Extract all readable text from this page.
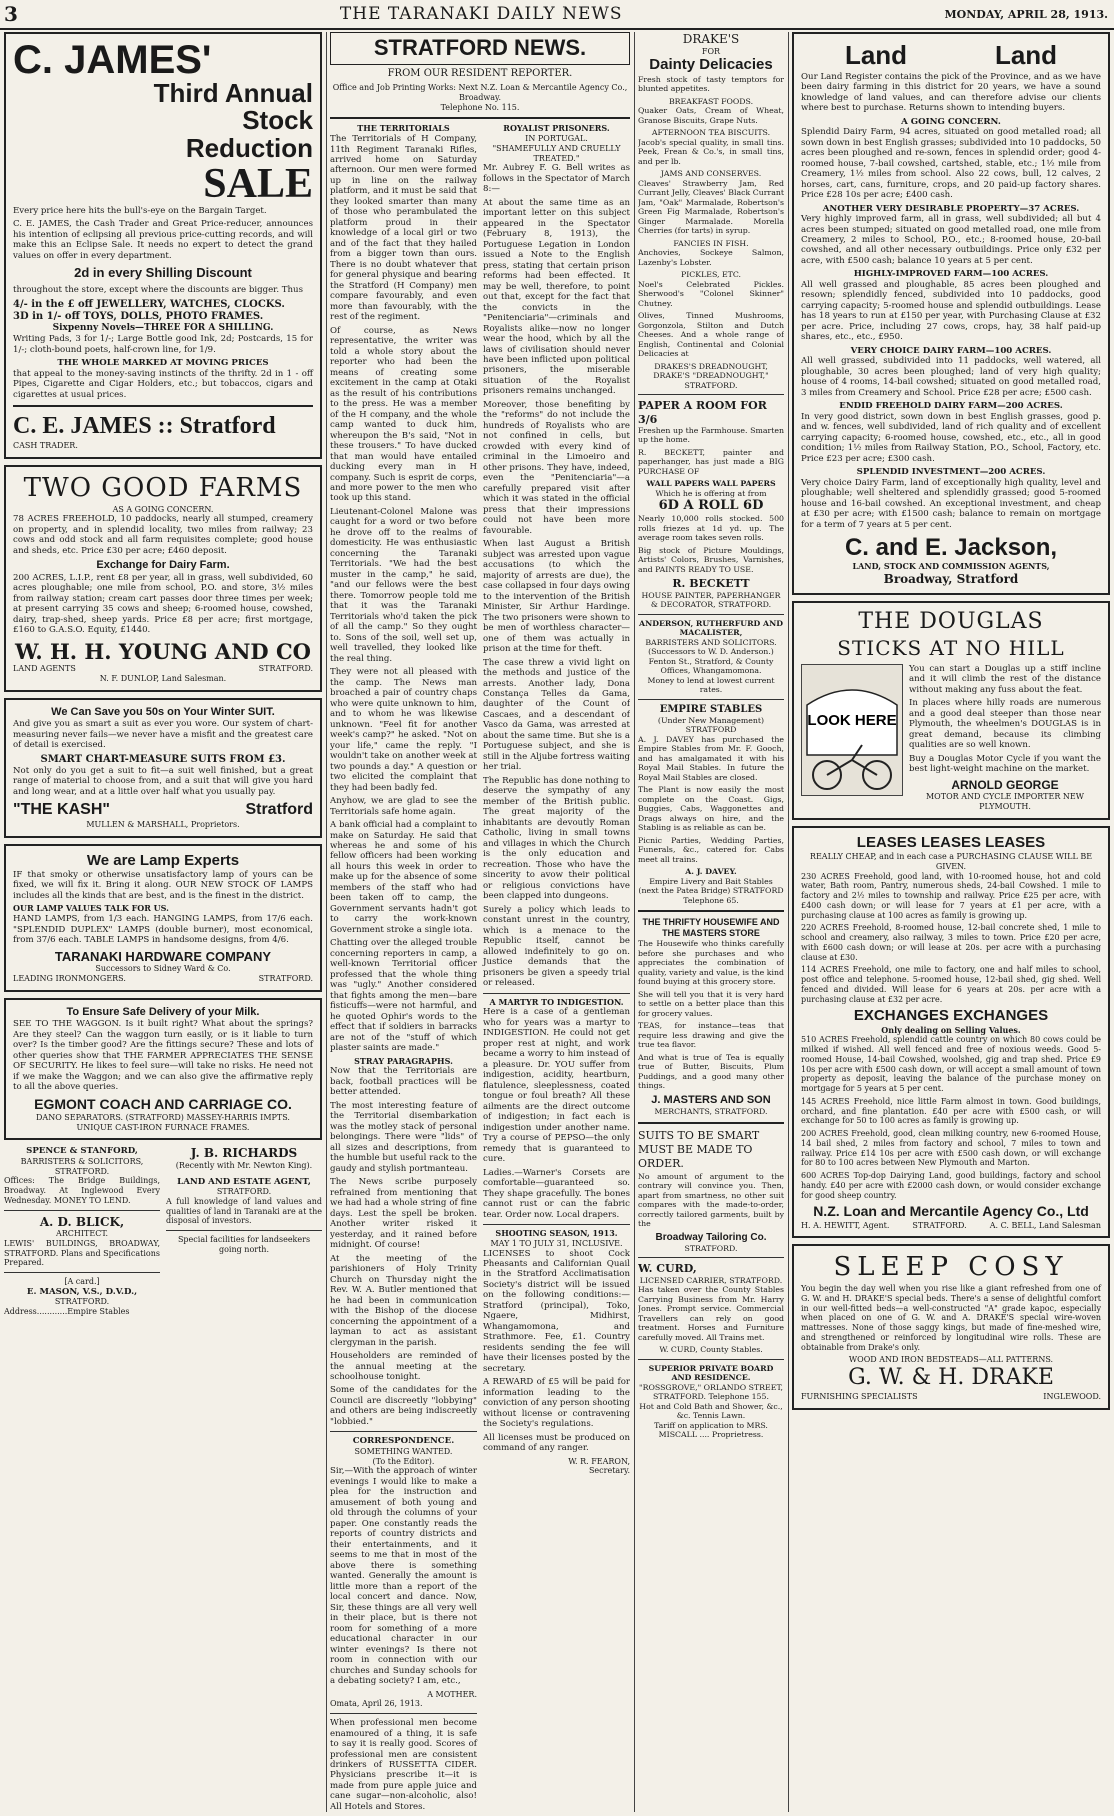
3	THE TARANAKI DAILY NEWS	MONDAY, APRIL 28, 1913.
C. JAMES'
Third Annual
Stock
Reduction
SALE

Every price here hits the bull's-eye on the Bargain Target.

C. E. JAMES, the Cash Trader and Great Price-reducer, announces his intention of eclipsing all previous price-cutting records, and will make this an Eclipse Sale. It needs no expert to detect the grand values on offer in every department.

2d in every Shilling Discount

throughout the store, except where the discounts are bigger. Thus

4/- in the £ off JEWELLERY, WATCHES, CLOCKS.
3D in 1/- off TOYS, DOLLS, PHOTO FRAMES.
Sixpenny Novels—THREE FOR A SHILLING.

Writing Pads, 3 for 1/-; Large Bottle good Ink, 2d; Postcards, 15 for 1/-; cloth-bound poets, half-crown line, for 1/9.

THE WHOLE MARKED AT MOVING PRICES

that appeal to the money-saving instincts of the thrifty. 2d in 1 - off Pipes, Cigarette and Cigar Holders, etc.; but tobaccos, cigars and cigarettes at usual prices.

C. E. JAMES :: Stratford
CASH TRADER.
TWO GOOD FARMS
AS A GOING CONCERN.

78 ACRES FREEHOLD, 10 paddocks, nearly all stumped, creamery on property, and in splendid locality, two miles from railway; 23 cows and odd stock and all farm requisites complete; good house and sheds, etc. Price £30 per acre; £460 deposit.

Exchange for Dairy Farm.

200 ACRES, L.I.P., rent £8 per year, all in grass, well subdivided, 60 acres ploughable; one mile from school, P.O. and store, 3½ miles from railway station; cream cart passes door three times per week; at present carrying 35 cows and sheep; 6-roomed house, cowshed, dairy, trap-shed, sheep yards. Price £8 per acre; first mortgage, £160 to G.A.S.O. Equity, £1440.

W. H. H. YOUNG AND CO
LAND AGENTS	STRATFORD.
N. F. DUNLOP, Land Salesman.
We Can Save you 50s on Your Winter SUIT.

And give you as smart a suit as ever you wore. Our system of chart-measuring never fails—we never have a misfit and the greatest care of detail is exercised.

SMART CHART-MEASURE SUITS FROM £3.

Not only do you get a suit to fit—a suit well finished, but a great range of material to choose from, and a suit that will give you hard and long wear, and at a little over half what you usually pay.

"THE KASH"	Stratford
MULLEN & MARSHALL, Proprietors.
We are Lamp Experts

IF that smoky or otherwise unsatisfactory lamp of yours can be fixed, we will fix it. Bring it along. OUR NEW STOCK OF LAMPS includes all the kinds that are best, and is the finest in the district.

OUR LAMP VALUES TALK FOR US.

HAND LAMPS, from 1/3 each. HANGING LAMPS, from 17/6 each. "SPLENDID DUPLEX" LAMPS (double burner), most economical, from 37/6 each. TABLE LAMPS in handsome designs, from 4/6.

TARANAKI HARDWARE COMPANY
Successors to Sidney Ward & Co.
LEADING IRONMONGERS.	STRATFORD.
To Ensure Safe Delivery of your Milk.

SEE TO THE WAGGON. Is it built right? What about the springs? Are they steel? Can the waggon turn easily, or is it liable to turn over? Is the timber good? Are the fittings secure? These and lots of other queries show that THE FARMER APPRECIATES THE SENSE OF SECURITY. He likes to feel sure—will take no risks. He need not if we make the Waggon; and we can also give the affirmative reply to all the above queries.

EGMONT COACH AND CARRIAGE CO.
DANO SEPARATORS. (STRATFORD) MASSEY-HARRIS IMPTS.
UNIQUE CAST-IRON FURNACE FRAMES.
SPENCE & STANFORD,
BARRISTERS & SOLICITORS,
STRATFORD.

Offices: The Bridge Buildings, Broadway. At Inglewood Every Wednesday. MONEY TO LEND.

A. D. BLICK,
ARCHITECT.

LEWIS' BUILDINGS, BROADWAY, STRATFORD. Plans and Specifications Prepared.

[A card.]
E. MASON, V.S., D.V.D.,
STRATFORD.
Address............Empire Stables
J. B. RICHARDS
(Recently with Mr. Newton King).
LAND AND ESTATE AGENT,
STRATFORD.

A full knowledge of land values and qualities of land in Taranaki are at the disposal of investors.

Special facilities for landseekers going north.
STRATFORD NEWS.
FROM OUR RESIDENT REPORTER.
Office and Job Printing Works: Next N.Z. Loan & Mercantile Agency Co., Broadway.
Telephone No. 115.
THE TERRITORIALS

The Territorials of H Company, 11th Regiment Taranaki Rifles, arrived home on Saturday afternoon. Our men were formed up in line on the railway platform, and it must be said that they looked smarter than many of those who perambulated the platform proud in their knowledge of a local girl or two and of the fact that they hailed from a bigger town than ours. There is no doubt whatever that for general physique and bearing the Stratford (H Company) men compare favourably, and even more than favourably, with the rest of the regiment.

Of course, as News representative, the writer was told a whole story about the reporter who had been the means of creating some excitement in the camp at Otaki as the result of his contributions to the press. He was a member of the H company, and the whole camp wanted to duck him, whereupon the B's said, "Not in these trousers." To have ducked that man would have entailed ducking every man in H company. Such is esprit de corps, and more power to the men who took up this stand.

Lieutenant-Colonel Malone was caught for a word or two before he drove off to the realms of domesticity. He was enthusiastic concerning the Taranaki Territorials. "We had the best muster in the camp," he said, "and our fellows were the best there. Tomorrow people told me that it was the Taranaki Territorials who'd taken the pick of all the camp." So they ought to. Sons of the soil, well set up, well travelled, they looked like the real thing.

They were not all pleased with the camp. The News man broached a pair of country chaps who were quite unknown to him, and to whom he was likewise unknown. "Feel fit for another week's camp?" he asked. "Not on your life," came the reply. "I wouldn't take on another week at two pounds a day." A question or two elicited the complaint that they had been badly fed.

Anyhow, we are glad to see the Territorials safe home again.

A bank official had a complaint to make on Saturday. He said that whereas he and some of his fellow officers had been working all hours this week in order to make up for the absence of some members of the staff who had been taken off to camp, the Government servants hadn't got to carry the work-known Government stroke a single iota.

Chatting over the alleged trouble concerning reporters in camp, a well-known Territorial officer professed that the whole thing was "ugly." Another considered that fights among the men—bare fisticuffs—were not harmful, and he quoted Ophir's words to the effect that if soldiers in barracks are not of the "stuff of which plaster saints are made."

STRAY PARAGRAPHS.

Now that the Territorials are back, football practices will be better attended.

The most interesting feature of the Territorial disembarkation was the motley stack of personal belongings. There were "lids" of all sizes and descriptions, from the humble but useful rack to the gaudy and stylish portmanteau.

The News scribe purposely refrained from mentioning that we had had a whole string of fine days. Lest the spell be broken. Another writer risked it yesterday, and it rained before midnight. Of course!

At the meeting of the parishioners of Holy Trinity Church on Thursday night the Rev. W. A. Butler mentioned that he had been in communication with the Bishop of the diocese concerning the appointment of a layman to act as assistant clergyman in the parish.

Householders are reminded of the annual meeting at the schoolhouse tonight.

Some of the candidates for the Council are discreetly "lobbying" and others are being indiscreetly "lobbied."

CORRESPONDENCE.
SOMETHING WANTED.
(To the Editor).

Sir,—With the approach of winter evenings I would like to make a plea for the instruction and amusement of both young and old through the columns of your paper. One constantly reads the reports of country districts and their entertainments, and it seems to me that in most of the above there is something wanted. Generally the amount is little more than a report of the local concert and dance. Now, Sir, these things are all very well in their place, but is there not room for something of a more educational character in our winter evenings? Is there not room in connection with our churches and Sunday schools for a debating society? I am, etc.,

A MOTHER.
Omata, April 26, 1913.

When professional men become enamoured of a thing, it is safe to say it is really good. Scores of professional men are consistent drinkers of RUSSETTA CIDER. Physicians prescribe it—it is made from pure apple juice and cane sugar—non-alcoholic, also! All Hotels and Stores.

ROYALIST PRISONERS.
IN PORTUGAL.
"SHAMEFULLY AND CRUELLY TREATED."

Mr. Aubrey F. G. Bell writes as follows in the Spectator of March 8:—

At about the same time as an important letter on this subject appeared in the Spectator (February 8, 1913), the Portuguese Legation in London issued a Note to the English press, stating that certain prison reforms had been effected. It may be well, therefore, to point out that, except for the fact that the convicts in the "Penitenciaria"—criminals and Royalists alike—now no longer wear the hood, which by all the laws of civilisation should never have been inflicted upon political prisoners, the miserable situation of the Royalist prisoners remains unchanged.

Moreover, those benefiting by the "reforms" do not include the hundreds of Royalists who are not confined in cells, but crowded with every kind of criminal in the Limoeiro and other prisons. They have, indeed, even the "Penitenciaria"—a carefully prepared visit after which it was stated in the official press that their impressions could not have been more favourable.

When last August a British subject was arrested upon vague accusations (to which the majority of arrests are due), the case collapsed in four days owing to the intervention of the British Minister, Sir Arthur Hardinge. The two prisoners were shown to be men of worthless character—one of them was actually in prison at the time for theft.

The case threw a vivid light on the methods and justice of the arrests. Another lady, Dona Constança Telles da Gama, daughter of the Count of Cascaes, and a descendant of Vasco da Gama, was arrested at about the same time. But she is a Portuguese subject, and she is still in the Aljube fortress waiting her trial.

The Republic has done nothing to deserve the sympathy of any member of the British public. The great majority of the inhabitants are devoutly Roman Catholic, living in small towns and villages in which the Church is the only education and recreation. Those who have the sincerity to avow their political or religious convictions have been clapped into dungeons.

Surely a policy which leads to constant unrest in the country, which is a menace to the Republic itself, cannot be allowed indefinitely to go on. Justice demands that the prisoners be given a speedy trial or released.

A MARTYR TO INDIGESTION.

Here is a case of a gentleman who for years was a martyr to INDIGESTION. He could not get proper rest at night, and work became a worry to him instead of a pleasure. Dr. YOU suffer from indigestion, acidity, heartburn, flatulence, sleeplessness, coated tongue or foul breath? All these ailments are the direct outcome of indigestion; in fact each is indigestion under another name. Try a course of PEPSO—the only remedy that is guaranteed to cure.

Ladies.—Warner's Corsets are comfortable—guaranteed so. They shape gracefully. The bones cannot rust or can the fabric tear. Order now. Local drapers.

SHOOTING SEASON, 1913.
MAY 1 TO JULY 31, INCLUSIVE.

LICENSES to shoot Cock Pheasants and Californian Quail in the Stratford Acclimatisation Society's district will be issued on the following conditions:—Stratford (principal), Toko, Ngaere, Midhirst, Whangamomona, and Strathmore. Fee, £1. Country residents sending the fee will have their licenses posted by the secretary.

A REWARD of £5 will be paid for information leading to the conviction of any person shooting without license or contravening the Society's regulations.

All licenses must be produced on command of any ranger.

W. R. FEARON,
Secretary.
DRAKE'S
FOR
Dainty Delicacies

Fresh stock of tasty temptors for blunted appetites.

BREAKFAST FOODS.

Quaker Oats, Cream of Wheat, Granose Biscuits, Grape Nuts.

AFTERNOON TEA BISCUITS.

Jacob's special quality, in small tins. Peek, Frean & Co.'s, in small tins, and per lb.

JAMS AND CONSERVES.

Cleaves' Strawberry Jam, Red Currant Jelly, Cleaves' Black Currant Jam, "Oak" Marmalade, Robertson's Green Fig Marmalade, Robertson's Ginger Marmalade. Morella Cherries (for tarts) in syrup.

FANCIES IN FISH.

Anchovies, Sockeye Salmon, Lazenby's Lobster.

PICKLES, ETC.

Noel's Celebrated Pickles. Sherwood's "Colonel Skinner" Chutney.

Olives, Tinned Mushrooms, Gorgonzola, Stilton and Dutch Cheeses. And a whole range of English, Continental and Colonial Delicacies at

DRAKES'S DREADNOUGHT, DRAKE'S "DREADNOUGHT," STRATFORD.
PAPER A ROOM FOR 3/6

Freshen up the Farmhouse. Smarten up the home.

R. BECKETT, painter and paperhanger, has just made a BIG PURCHASE OF

WALL PAPERS WALL PAPERS
Which he is offering at from
6D A ROLL 6D

Nearly 10,000 rolls stocked. 500 rolls friezes at 1d yd. up. The average room takes seven rolls.

Big stock of Picture Mouldings, Artists' Colors, Brushes, Varnishes, and PAINTS READY TO USE.

R. BECKETT
HOUSE PAINTER, PAPERHANGER & DECORATOR, STRATFORD.
ANDERSON, RUTHERFURD AND MACALISTER,
BARRISTERS AND SOLICITORS. (Successors to W. D. Anderson.)
Fenton St., Stratford, & County Offices, Whangamomona.
Money to lend at lowest current rates.
EMPIRE STABLES
(Under New Management) STRATFORD

A. J. DAVEY has purchased the Empire Stables from Mr. F. Gooch, and has amalgamated it with his Royal Mail Stables. In future the Royal Mail Stables are closed.

The Plant is now easily the most complete on the Coast. Gigs, Buggies, Cabs, Waggonettes and Drags always on hire, and the Stabling is as reliable as can be.

Picnic Parties, Wedding Parties, Funerals, &c., catered for. Cabs meet all trains.

A. J. DAVEY.
Empire Livery and Bait Stables (next the Patea Bridge) STRATFORD Telephone 65.
THE THRIFTY HOUSEWIFE AND THE MASTERS STORE

The Housewife who thinks carefully before she purchases and who appreciates the combination of quality, variety and value, is the kind found buying at this grocery store.

She will tell you that it is very hard to settle on a better place than this for grocery values.

TEAS, for instance—teas that require less drawing and give the true tea flavor.

And what is true of Tea is equally true of Butter, Biscuits, Plum Puddings, and a good many other things.

J. MASTERS AND SON
MERCHANTS, STRATFORD.
SUITS TO BE SMART MUST BE MADE TO ORDER.

No amount of argument to the contrary will convince you. Then, apart from smartness, no other suit compares with the made-to-order, correctly tailored garments, built by the

Broadway Tailoring Co.
STRATFORD.
W. CURD,
LICENSED CARRIER, STRATFORD.

Has taken over the County Stables Carrying Business from Mr. Harry Jones. Prompt service. Commercial Travellers can rely on good treatment. Horses and Furniture carefully moved. All Trains met.

W. CURD, County Stables.
SUPERIOR PRIVATE BOARD AND RESIDENCE.
"ROSSGROVE," ORLANDO STREET, STRATFORD. Telephone 155.
Hot and Cold Bath and Shower, &c., &c. Tennis Lawn.
Tariff on application to MRS. MISCALL .... Proprietress.
Land	Land

Our Land Register contains the pick of the Province, and as we have been dairy farming in this district for 20 years, we have a sound knowledge of land values, and can therefore advise our clients where best to purchase. Returns shown to intending buyers.

A GOING CONCERN.

Splendid Dairy Farm, 94 acres, situated on good metalled road; all sown down in best English grasses; subdivided into 10 paddocks, 50 acres been ploughed and re-sown, fences in splendid order; good 4-roomed house, 7-bail cowshed, cartshed, stable, etc.; 1½ mile from Creamery, 1½ miles from school. Also 22 cows, bull, 12 calves, 2 horses, cart, cans, furniture, crops, and 20 paid-up factory shares. Price £28 10s per acre; £400 cash.

ANOTHER VERY DESIRABLE PROPERTY—37 ACRES.

Very highly improved farm, all in grass, well subdivided; all but 4 acres been stumped; situated on good metalled road, one mile from Creamery, 2 miles to School, P.O., etc.; 8-roomed house, 20-bail cowshed, and all other necessary outbuildings. Price only £32 per acre, with £500 cash; balance 10 years at 5 per cent.

HIGHLY-IMPROVED FARM—100 ACRES.

All well grassed and ploughable, 85 acres been ploughed and resown; splendidly fenced, subdivided into 10 paddocks, good carrying capacity; 5-roomed house and splendid outbuildings. Lease has 18 years to run at £150 per year, with Purchasing Clause at £32 per acre. Price, including 27 cows, crops, hay, 38 half paid-up shares, etc., etc., £950.

VERY CHOICE DAIRY FARM—100 ACRES.

All well grassed, subdivided into 11 paddocks, well watered, all ploughable, 30 acres been ploughed; land of very high quality; house of 4 rooms, 14-bail cowshed; situated on good metalled road, 3 miles from Creamery and School. Price £28 per acre; £500 cash.

ENDID FREEHOLD DAIRY FARM—200 ACRES.

In very good district, sown down in best English grasses, good p. and w. fences, well subdivided, land of rich quality and of excellent carrying capacity; 6-roomed house, cowshed, etc., etc., all in good condition; 1½ miles from Railway Station, P.O., School, Factory, etc. Price £23 per acre; £300 cash.

SPLENDID INVESTMENT—200 ACRES.

Very choice Dairy Farm, land of exceptionally high quality, level and ploughable; well sheltered and splendidly grassed; good 5-roomed house and 16-bail cowshed. An exceptional investment, and cheap at £30 per acre; with £1500 cash; balance to remain on mortgage for a term of 7 years at 5 per cent.

C. and E. Jackson,
LAND, STOCK AND COMMISSION AGENTS,
Broadway, Stratford
THE DOUGLAS
STICKS AT NO HILL
LOOK HERE

You can start a Douglas up a stiff incline and it will climb the rest of the distance without making any fuss about the feat.

In places where hilly roads are numerous and a good deal steeper than those near Plymouth, the wheelmen's DOUGLAS is in great demand, because its climbing qualities are so well known.

Buy a Douglas Motor Cycle if you want the best light-weight machine on the market.

ARNOLD GEORGE
MOTOR AND CYCLE IMPORTER NEW PLYMOUTH.
LEASES LEASES LEASES
REALLY CHEAP, and in each case a PURCHASING CLAUSE WILL BE GIVEN.

230 ACRES Freehold, good land, with 10-roomed house, hot and cold water, Bath room, Pantry, numerous sheds, 24-bail Cowshed. 1 mile to factory and 2½ miles to township and railway. Price £25 per acre, with £400 cash down; or will lease for 7 years at £1 per acre, with a purchasing clause at 100 acres as family is growing up.

220 ACRES Freehold, 8-roomed house, 12-bail concrete shed, 1 mile to school and creamery, also railway, 3 miles to town. Price £20 per acre, with £600 cash down; or will lease at 20s. per acre with a purchasing clause at £30.

114 ACRES Freehold, one mile to factory, one and half miles to school, post office and telephone. 5-roomed house, 12-bail shed, gig shed. Well fenced and divided. Will lease for 6 years at 20s. per acre with a purchasing clause at £32 per acre.

EXCHANGES EXCHANGES
Only dealing on Selling Values.

510 ACRES Freehold, splendid cattle country on which 80 cows could be milked if wished. All well fenced and free of noxious weeds. Good 5-roomed House, 14-bail Cowshed, woolshed, gig and trap shed. Price £9 10s per acre with £500 cash down, or will accept a small amount of town property as deposit, leaving the balance of the purchase money on mortgage for 5 years at 5 per cent.

145 ACRES Freehold, nice little Farm almost in town. Good buildings, orchard, and fine plantation. £40 per acre with £500 cash, or will exchange for 50 to 100 acres as family is growing up.

200 ACRES Freehold, good, clean milking country, new 6-roomed House, 14 bail shed, 2 miles from factory and school, 7 miles to town and railway. Price £14 10s per acre with £500 cash down, or will exchange for 80 to 100 acres between New Plymouth and Marton.

600 ACRES Top-dop Dairying Land, good buildings, factory and school handy. £40 per acre with £2000 cash down, or would consider exchange for good sheep country.

N.Z. Loan and Mercantile Agency Co., Ltd
H. A. HEWITT, Agent.	STRATFORD.	A. C. BELL, Land Salesman
SLEEP COSY

You begin the day well when you rise like a giant refreshed from one of G. W. and H. DRAKE'S special beds. There's a sense of delightful comfort in our well-fitted beds—a well-constructed "A" grade kapoc, especially when placed on one of G. W. and A. DRAKE'S special wire-woven mattresses. None of those saggy kings, but made of fine-meshed wire, and strengthened or reinforced by longitudinal wire rolls. These are obtainable from Drake's only.

WOOD AND IRON BEDSTEADS—ALL PATTERNS.
G. W. & H. DRAKE
FURNISHING SPECIALISTS	INGLEWOOD.
